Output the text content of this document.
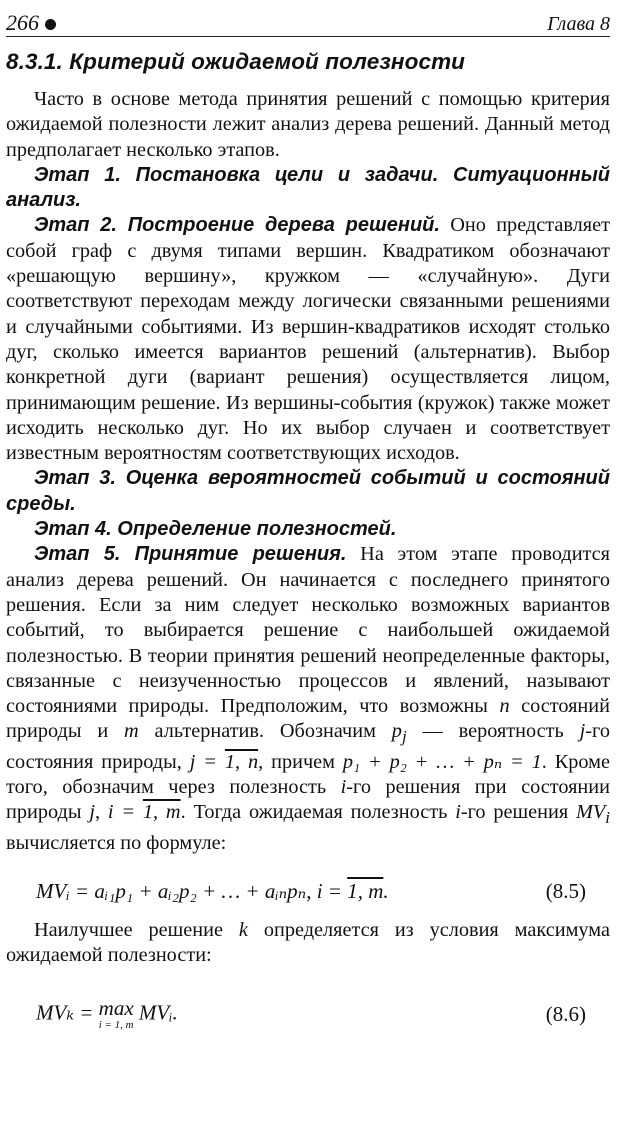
266	Глава 8
8.3.1. Критерий ожидаемой полезности

Часто в основе метода принятия решений с помощью критерия ожидаемой полезности лежит анализ дерева решений. Данный метод предполагает несколько этапов.

Этап 1. Постановка цели и задачи. Ситуационный анализ.

Этап 2. Построение дерева решений. Оно представляет собой граф с двумя типами вершин. Квадратиком обозначают «решающую вершину», кружком — «случайную». Дуги соответствуют переходам между логически связанными решениями и случайными событиями. Из вершин-квадратиков исходят столько дуг, сколько имеется вариантов решений (альтернатив). Выбор конкретной дуги (вариант решения) осуществляется лицом, принимающим решение. Из вершины-события (кружок) также может исходить несколько дуг. Но их выбор случаен и соответствует известным вероятностям соответствующих исходов.

Этап 3. Оценка вероятностей событий и состояний среды.

Этап 4. Определение полезностей.

Этап 5. Принятие решения. На этом этапе проводится анализ дерева решений. Он начинается с последнего принятого решения. Если за ним следует несколько возможных вариантов событий, то выбирается решение с наибольшей ожидаемой полезностью. В теории принятия решений неопределенные факторы, связанные с неизученностью процессов и явлений, называют состояниями природы. Предположим, что возможны n состояний природы и m альтернатив. Обозначим $p_j$ — вероятность j-го состояния природы, j = 1, n, причем p₁ + p₂ + … + pₙ = 1. Кроме того, обозначим через полезность i-го решения при состоянии природы j, i = 1, m. Тогда ожидаемая полезность i-го решения $MV_i$ вычисляется по формуле:

MVᵢ = aᵢ₁p₁ + aᵢ₂p₂ + … + aᵢₙpₙ, i = 1, m.	(8.5)

Наилучшее решение k определяется из условия максимума ожидаемой полезности:

MVₖ = max
i = 1, m
MVᵢ.	(8.6)
